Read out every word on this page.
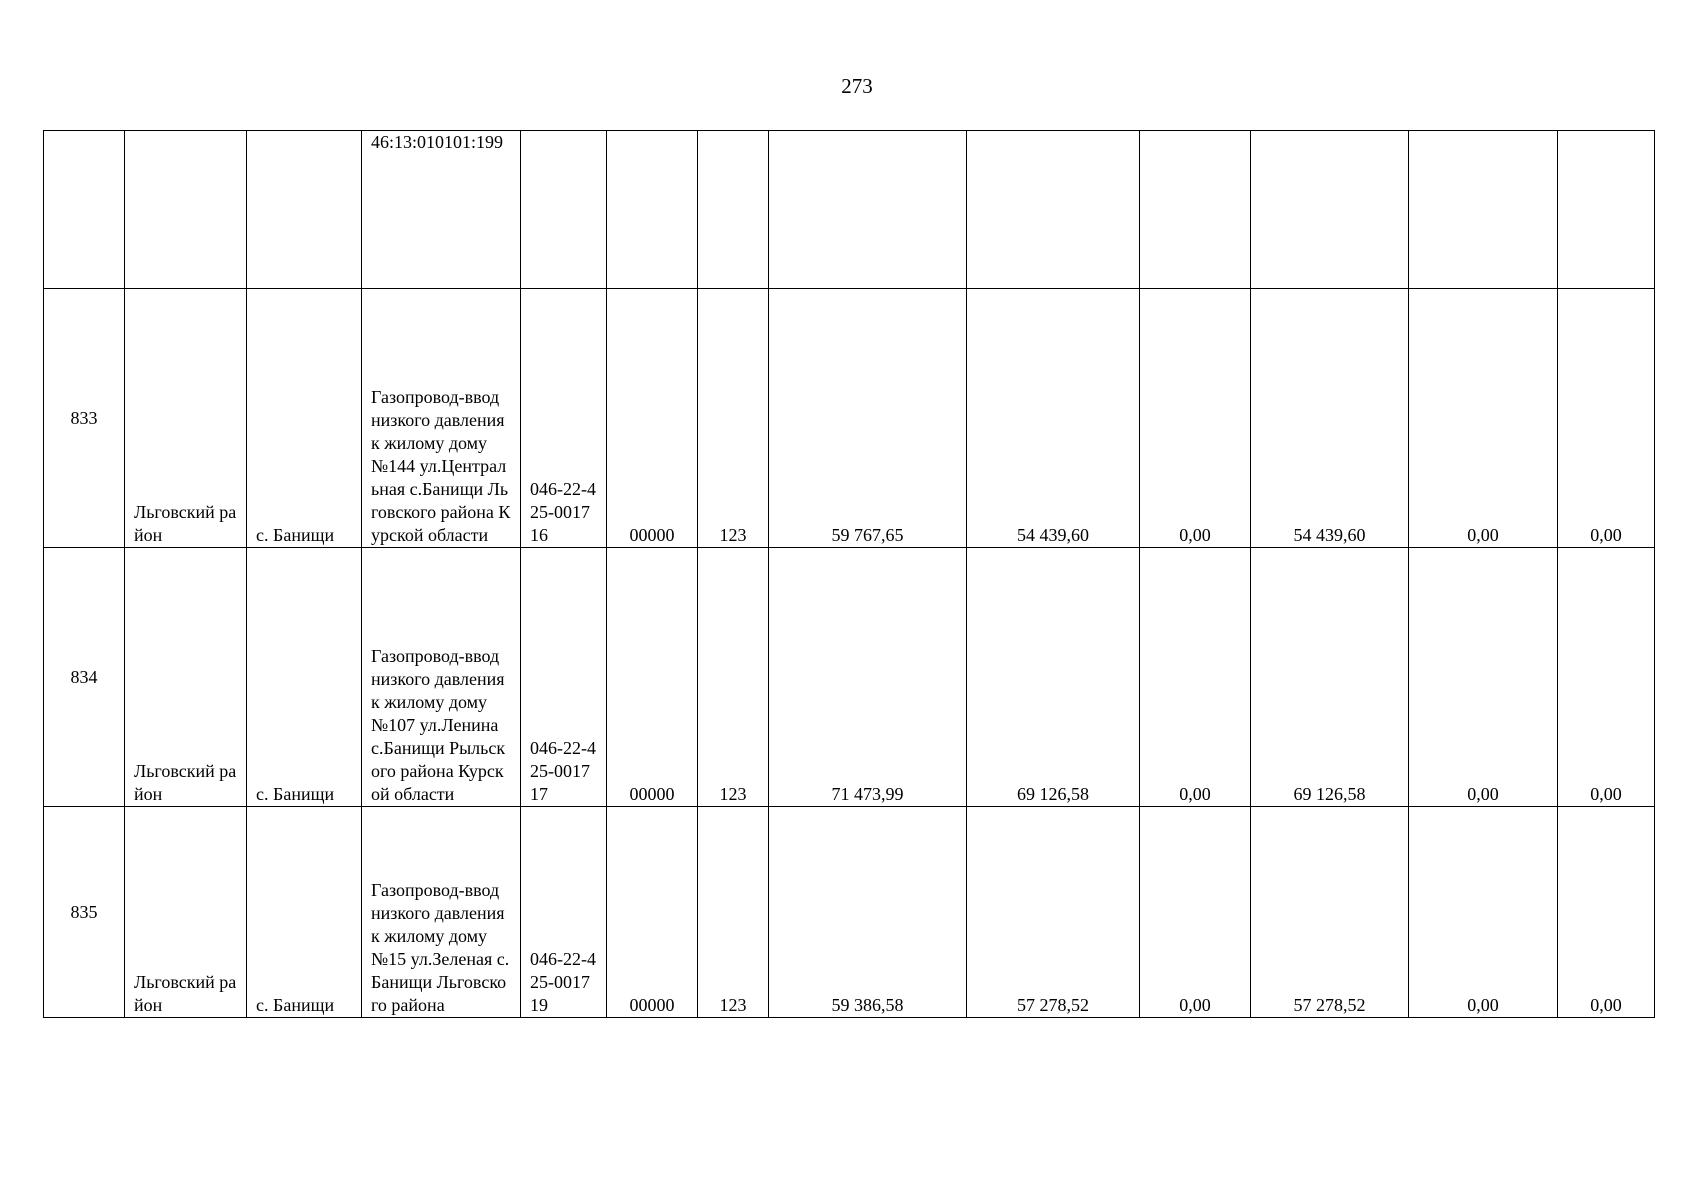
273
			46:13:010101:199									
833	Льговский район	с. Банищи	Газопровод-ввод низкого давления к жилому дому №144 ул.Центральная с.Банищи Льговского района Курской области	046-22-425-001716	00000	123	59 767,65	54 439,60	0,00	54 439,60	0,00	0,00
834	Льговский район	с. Банищи	Газопровод-ввод низкого давления к жилому дому №107 ул.Ленина с.Банищи Рыльского района Курской области	046-22-425-001717	00000	123	71 473,99	69 126,58	0,00	69 126,58	0,00	0,00
835	Льговский район	с. Банищи	Газопровод-ввод низкого давления к жилому дому №15 ул.Зеленая с.Банищи Льговского района	046-22-425-001719	00000	123	59 386,58	57 278,52	0,00	57 278,52	0,00	0,00
